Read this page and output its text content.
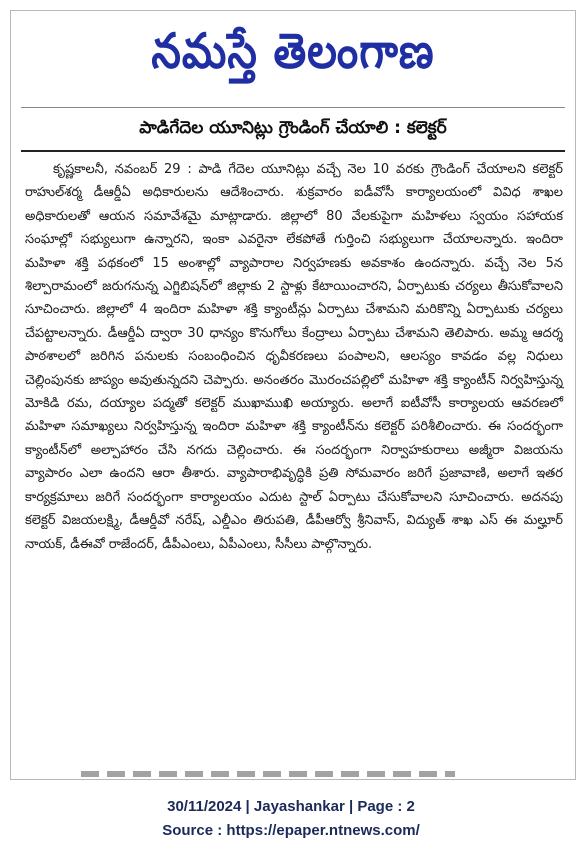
నమస్తే తెలంగాణ
పాడిగేదెల యూనిట్లు గ్రౌండింగ్ చేయాలి : కలెక్టర్

కృష్ణకాలనీ, నవంబర్ 29 : పాడి గేదెల యూనిట్లు వచ్చే నెల 10 వరకు గ్రౌండింగ్ చేయాలని కలెక్టర్ రాహుల్‌శర్మ డీఆర్డీఏ అధికారులను ఆదేశించారు. శుక్రవారం ఐడీవోసీ కార్యాలయంలో వివిధ శాఖల అధికారులతో ఆయన సమావేశమై మాట్లాడారు. జిల్లాలో 80 వేలకుపైగా మహిళలు స్వయం సహాయక సంఘాల్లో సభ్యులుగా ఉన్నారని, ఇంకా ఎవరైనా లేకపోతే గుర్తించి సభ్యులుగా చేయాలన్నారు. ఇందిరా మహిళా శక్తి పథకంలో 15 అంశాల్లో వ్యాపారాల నిర్వహణకు అవకాశం ఉందన్నారు. వచ్చే నెల 5న శిల్పారామంలో జరుగనున్న ఎగ్జిబిషన్‌లో జిల్లాకు 2 స్టాళ్లు కేటాయించారని, ఏర్పాటుకు చర్యలు తీసుకోవాలని సూచించారు. జిల్లాలో 4 ఇందిరా మహిళా శక్తి క్యాంటీన్లు ఏర్పాటు చేశామని మరికొన్ని ఏర్పాటుకు చర్యలు చేపట్టాలన్నారు. డీఆర్డీఏ ద్వారా 30 ధాన్యం కొనుగోలు కేంద్రాలు ఏర్పాటు చేశామని తెలిపారు. అమ్మ ఆదర్శ పాఠశాలలో జరిగిన పనులకు సంబంధించిన ధృవీకరణలు పంపాలని, ఆలస్యం కావడం వల్ల నిధులు చెల్లింపునకు జాప్యం అవుతున్నదని చెప్పారు. అనంతరం మొరంచపల్లిలో మహిళా శక్తి క్యాంటీన్ నిర్వహిస్తున్న మోకిడి రమ, దయ్యాల పద్మతో కలెక్టర్ ముఖాముఖి అయ్యారు. అలాగే ఐటీవోసీ కార్యాలయ ఆవరణలో మహిళా సమాఖ్యలు నిర్వహిస్తున్న ఇందిరా మహిళా శక్తి క్యాంటీన్‌ను కలెక్టర్ పరిశీలించారు. ఈ సందర్భంగా క్యాంటీన్‌లో అల్పాహారం చేసి నగదు చెల్లించారు. ఈ సందర్భంగా నిర్వాహకురాలు అజ్మీరా విజయను వ్యాపారం ఎలా ఉందని ఆరా తీశారు. వ్యాపారాభివృద్ధికి ప్రతి సోమవారం జరిగే ప్రజావాణి, అలాగే ఇతర కార్యక్రమాలు జరిగే సందర్భంగా కార్యాలయం ఎదుట స్టాల్ ఏర్పాటు చేసుకోవాలని సూచించారు. అదనపు కలెక్టర్ విజయలక్ష్మి, డీఆర్డీవో నరేష్, ఎల్డీఎం తిరుపతి, డీపీఆర్వో శ్రీనివాస్, విద్యుత్ శాఖ ఎస్ ఈ మల్హూర్ నాయక్, డీఈవో రాజేందర్, డీపీఎంలు, ఏపీఎంలు, సీసీలు పాల్గొన్నారు.

30/11/2024 | Jayashankar | Page : 2
Source : https://epaper.ntnews.com/
